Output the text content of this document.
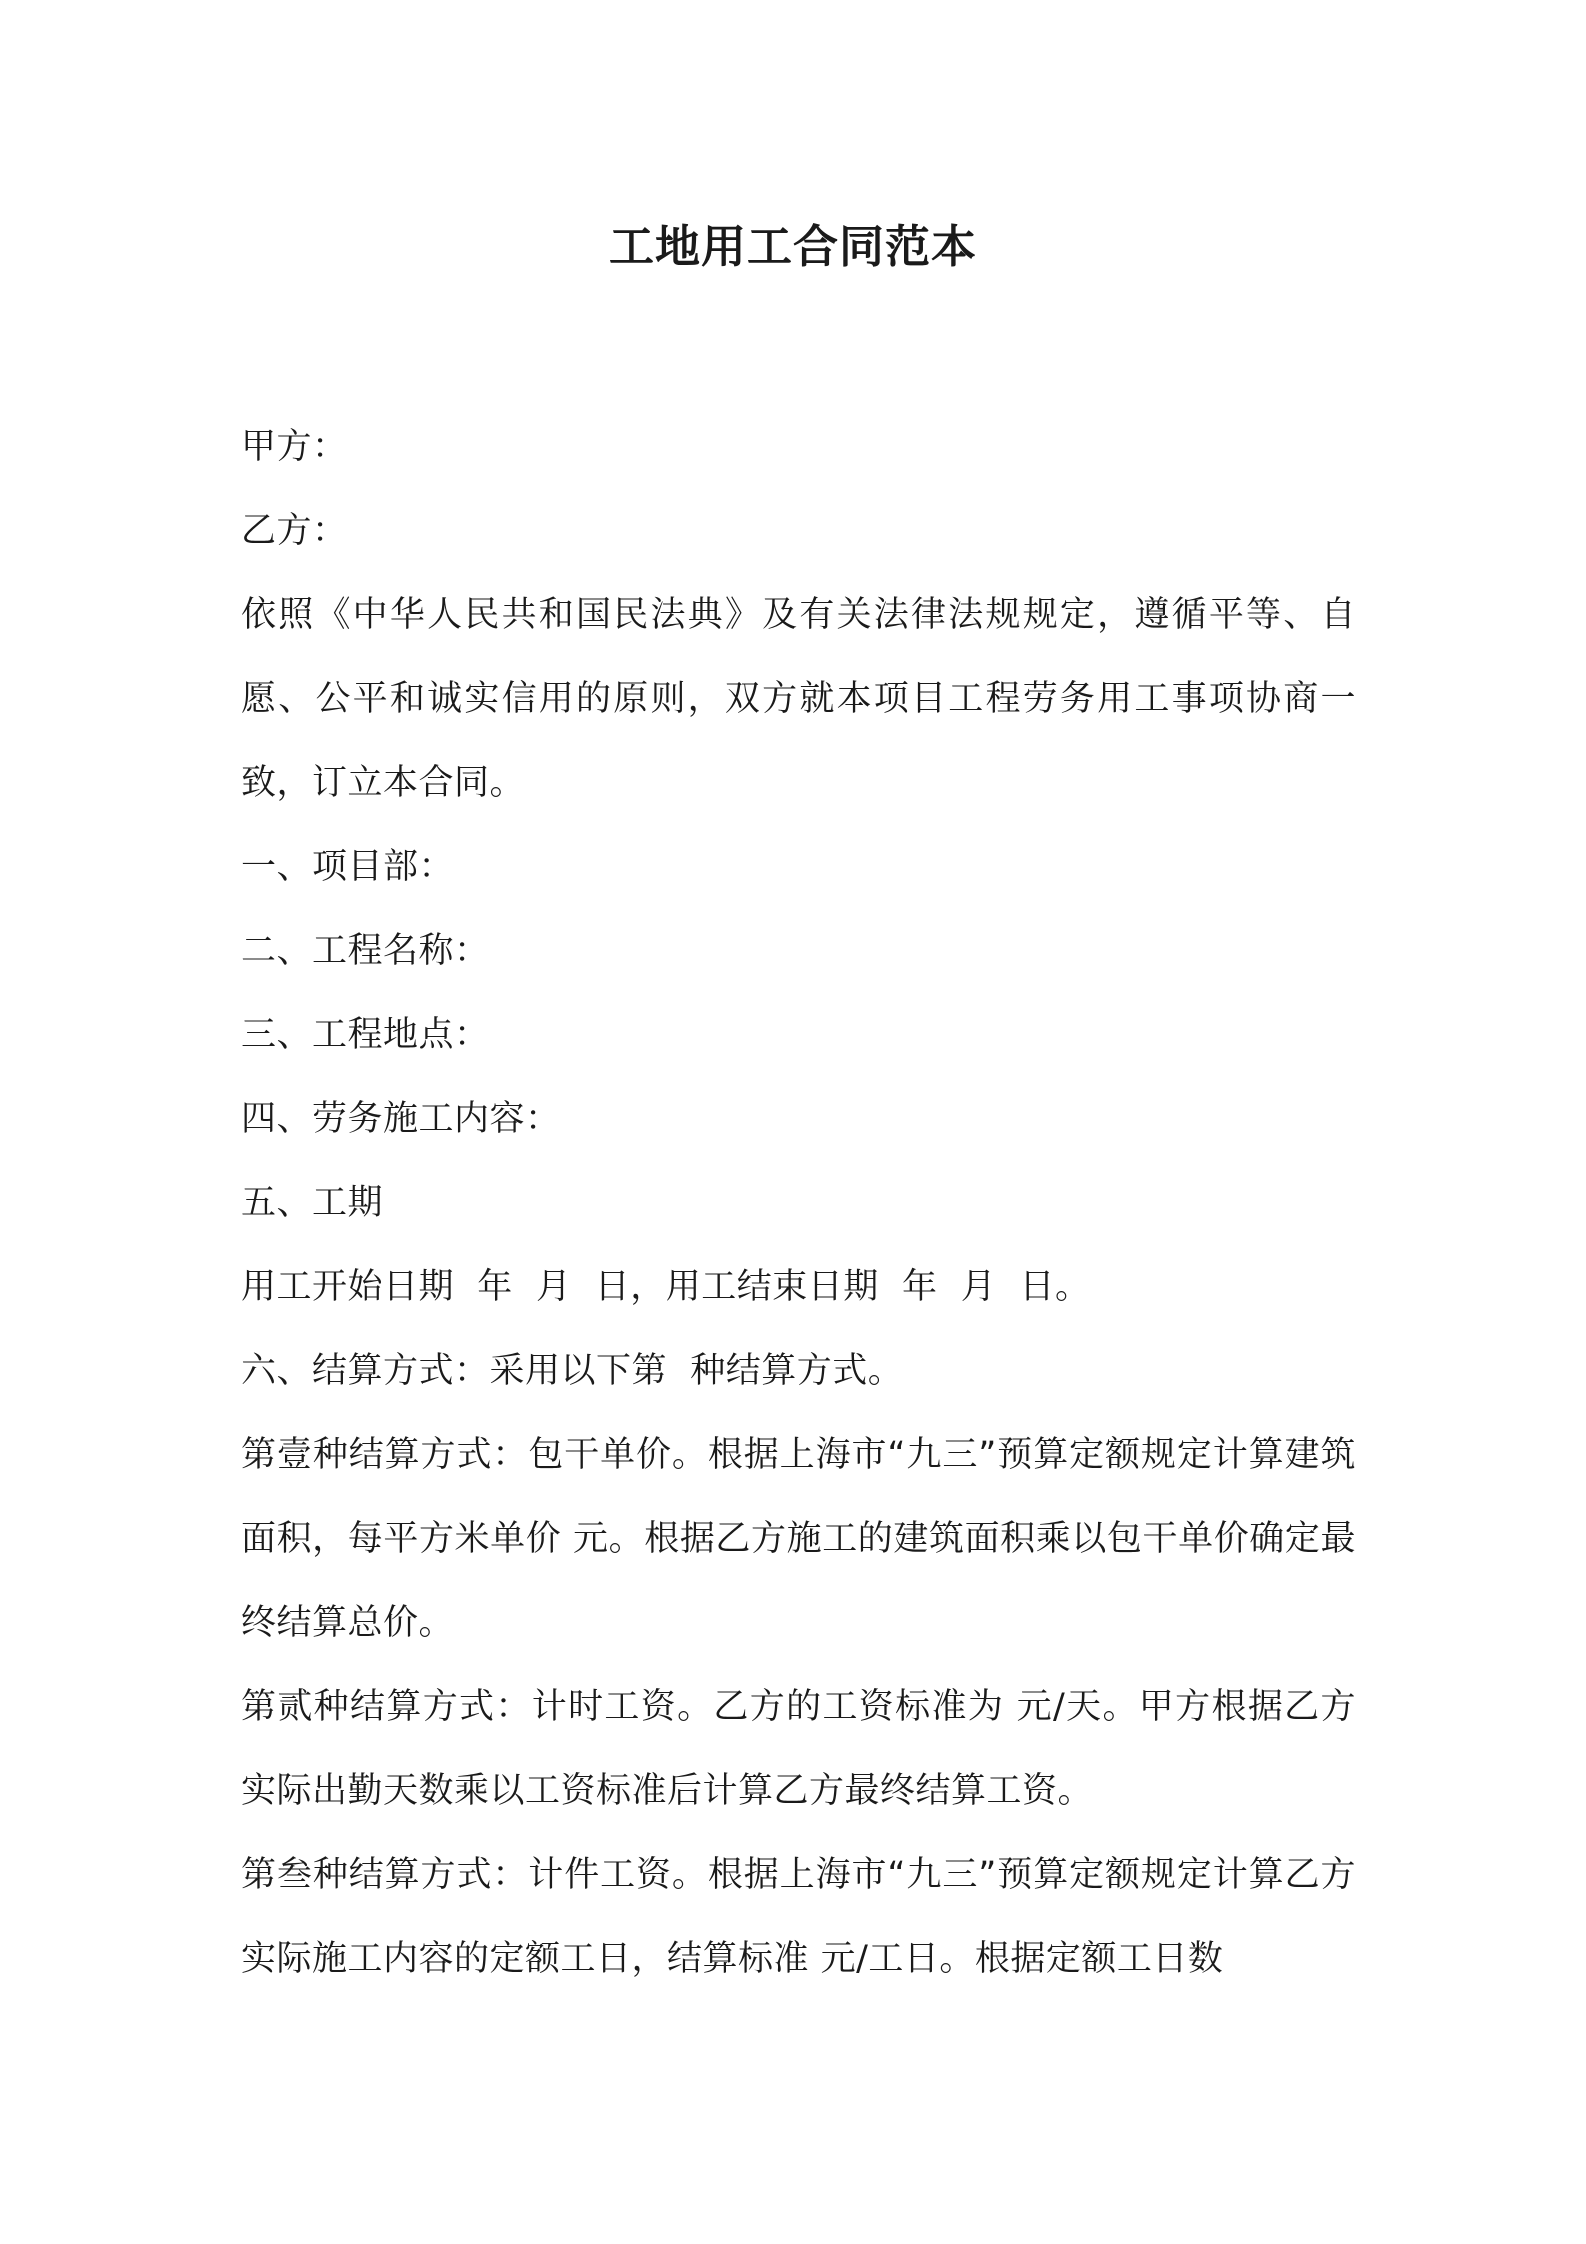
工地用工合同范本

甲方：

乙方：

依照《中华人民共和国民法典》及有关法律法规规定，遵循平等、自愿、公平和诚实信用的原则，双方就本项目工程劳务用工事项协商一致，订立本合同。

一、项目部：

二、工程名称：

三、工程地点：

四、劳务施工内容：

五、工期

用工开始日期  年  月  日，用工结束日期  年  月  日。

六、结算方式：采用以下第  种结算方式。

第壹种结算方式：包干单价。根据上海市“九三”预算定额规定计算建筑面积，每平方米单价 元。根据乙方施工的建筑面积乘以包干单价确定最终结算总价。

第贰种结算方式：计时工资。乙方的工资标准为 元/天。甲方根据乙方实际出勤天数乘以工资标准后计算乙方最终结算工资。

第叁种结算方式：计件工资。根据上海市“九三”预算定额规定计算乙方实际施工内容的定额工日，结算标准 元/工日。根据定额工日数
